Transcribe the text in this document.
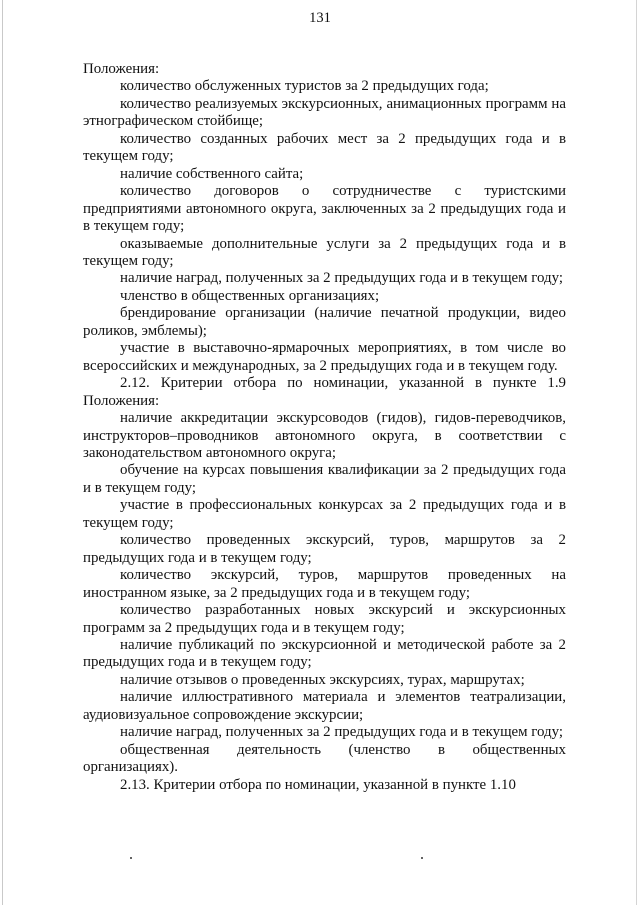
131

Положения:

количество обслуженных туристов за 2 предыдущих года;

количество реализуемых экскурсионных, анимационных программ на этнографическом стойбище;

количество созданных рабочих мест за 2 предыдущих года и в текущем году;

наличие собственного сайта;

количество договоров о сотрудничестве с туристскими предприятиями автономного округа, заключенных за 2 предыдущих года и в текущем году;

оказываемые дополнительные услуги за 2 предыдущих года и в текущем году;

наличие наград, полученных за 2 предыдущих года и в текущем году;

членство в общественных организациях;

брендирование организации (наличие печатной продукции, видео роликов, эмблемы);

участие в выставочно-ярмарочных мероприятиях, в том числе во всероссийских и международных, за 2 предыдущих года и в текущем году.

2.12. Критерии отбора по номинации, указанной в пункте 1.9 Положения:

наличие аккредитации экскурсоводов (гидов), гидов-переводчиков, инструкторов–проводников автономного округа, в соответствии с законодательством автономного округа;

обучение на курсах повышения квалификации за 2 предыдущих года и в текущем году;

участие в профессиональных конкурсах за 2 предыдущих года и в текущем году;

количество проведенных экскурсий, туров, маршрутов за 2 предыдущих года и в текущем году;

количество экскурсий, туров, маршрутов проведенных на иностранном языке, за 2 предыдущих года и в текущем году;

количество разработанных новых экскурсий и экскурсионных программ за 2 предыдущих года и в текущем году;

наличие публикаций по экскурсионной и методической работе за 2 предыдущих года и в текущем году;

наличие отзывов о проведенных экскурсиях, турах, маршрутах;

наличие иллюстративного материала и элементов театрализации, аудиовизуальное сопровождение экскурсии;

наличие наград, полученных за 2 предыдущих года и в текущем году;

общественная деятельность (членство в общественных организациях).

2.13. Критерии отбора по номинации, указанной в пункте 1.10
